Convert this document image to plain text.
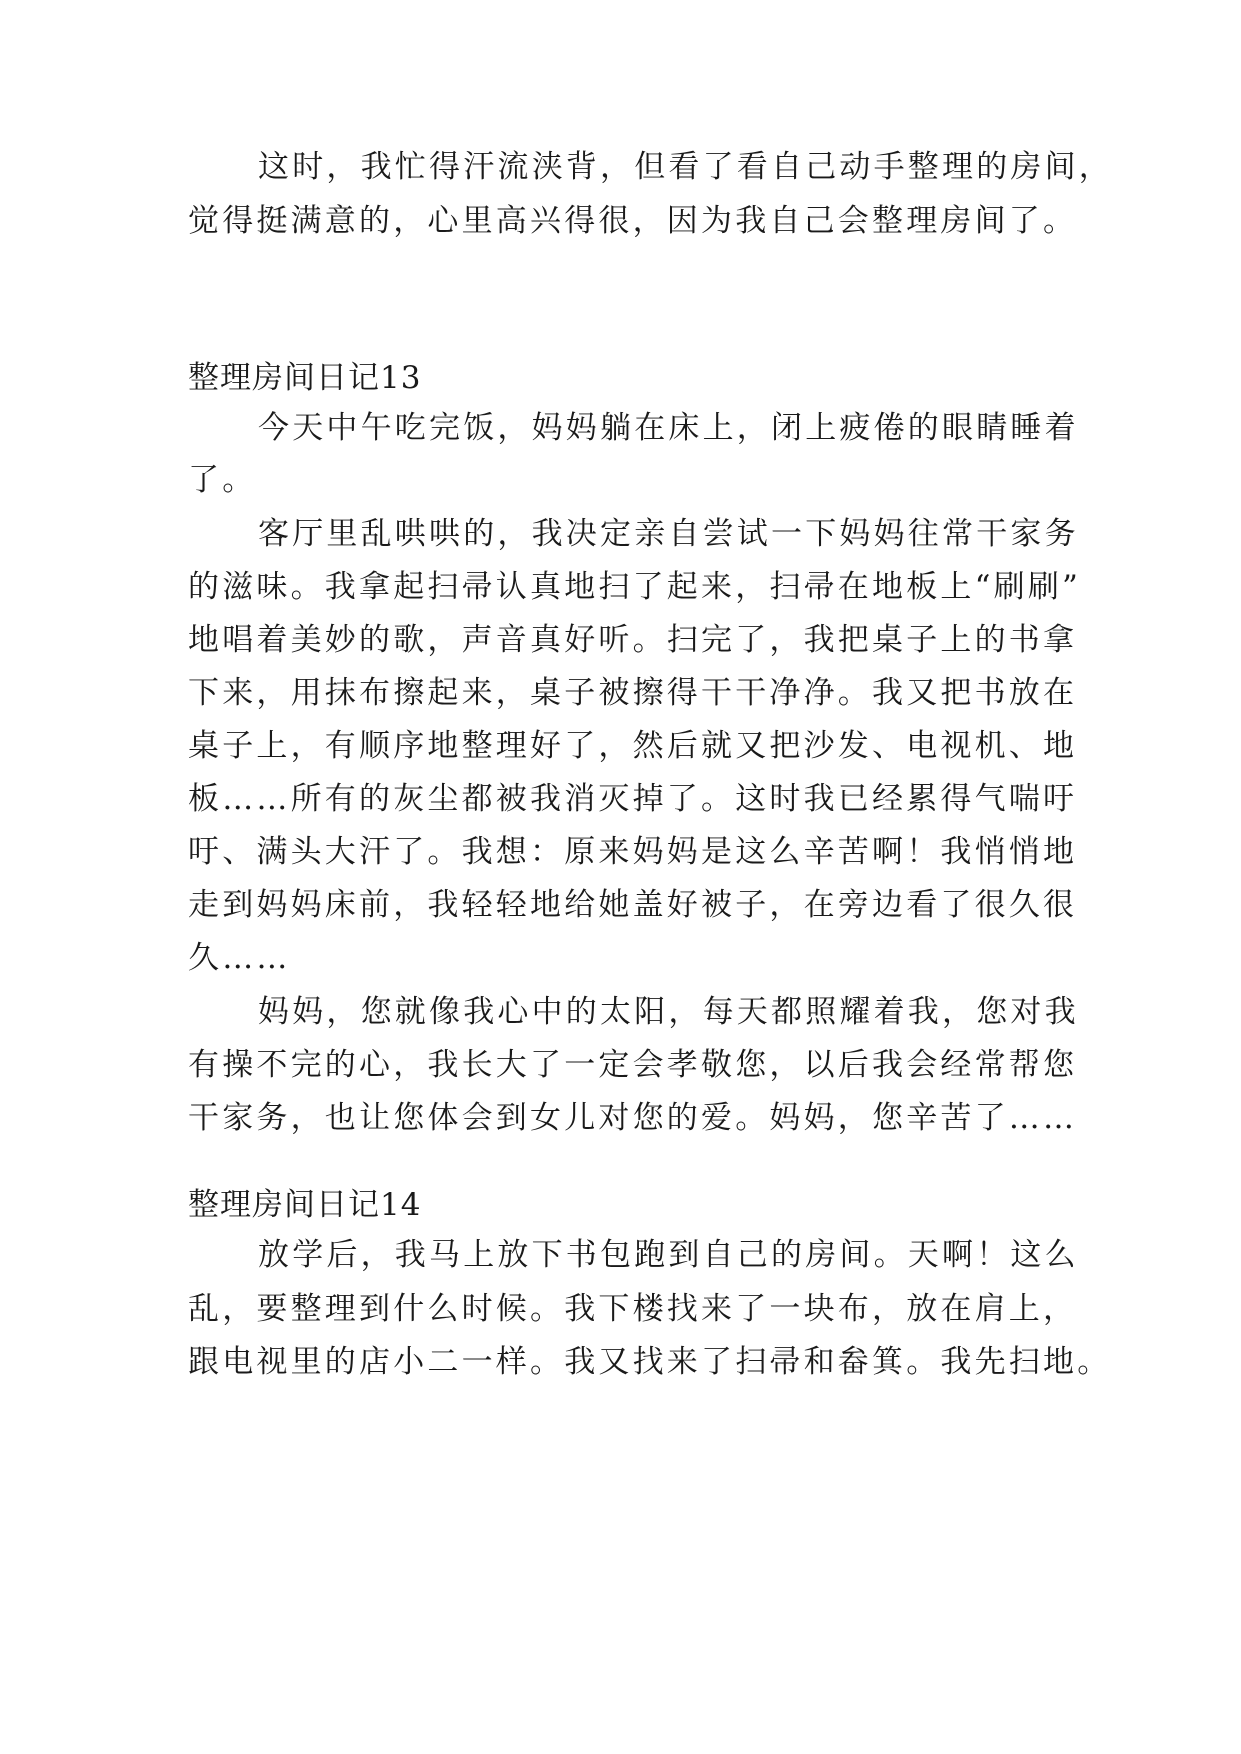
这时，我忙得汗流浃背，但看了看自己动手整理的房间，
觉得挺满意的，心里高兴得很，因为我自己会整理房间了。
整理房间日记13
今天中午吃完饭，妈妈躺在床上，闭上疲倦的眼睛睡着
了。
客厅里乱哄哄的，我决定亲自尝试一下妈妈往常干家务
的滋味。我拿起扫帚认真地扫了起来，扫帚在地板上“刷刷”
地唱着美妙的歌，声音真好听。扫完了，我把桌子上的书拿
下来，用抹布擦起来，桌子被擦得干干净净。我又把书放在
桌子上，有顺序地整理好了，然后就又把沙发、电视机、地
板……所有的灰尘都被我消灭掉了。这时我已经累得气喘吁
吁、满头大汗了。我想：原来妈妈是这么辛苦啊！我悄悄地
走到妈妈床前，我轻轻地给她盖好被子，在旁边看了很久很
久……
妈妈，您就像我心中的太阳，每天都照耀着我，您对我
有操不完的心，我长大了一定会孝敬您，以后我会经常帮您
干家务，也让您体会到女儿对您的爱。妈妈，您辛苦了……
整理房间日记14
放学后，我马上放下书包跑到自己的房间。天啊！这么
乱，要整理到什么时候。我下楼找来了一块布，放在肩上，
跟电视里的店小二一样。我又找来了扫帚和畚箕。我先扫地。
